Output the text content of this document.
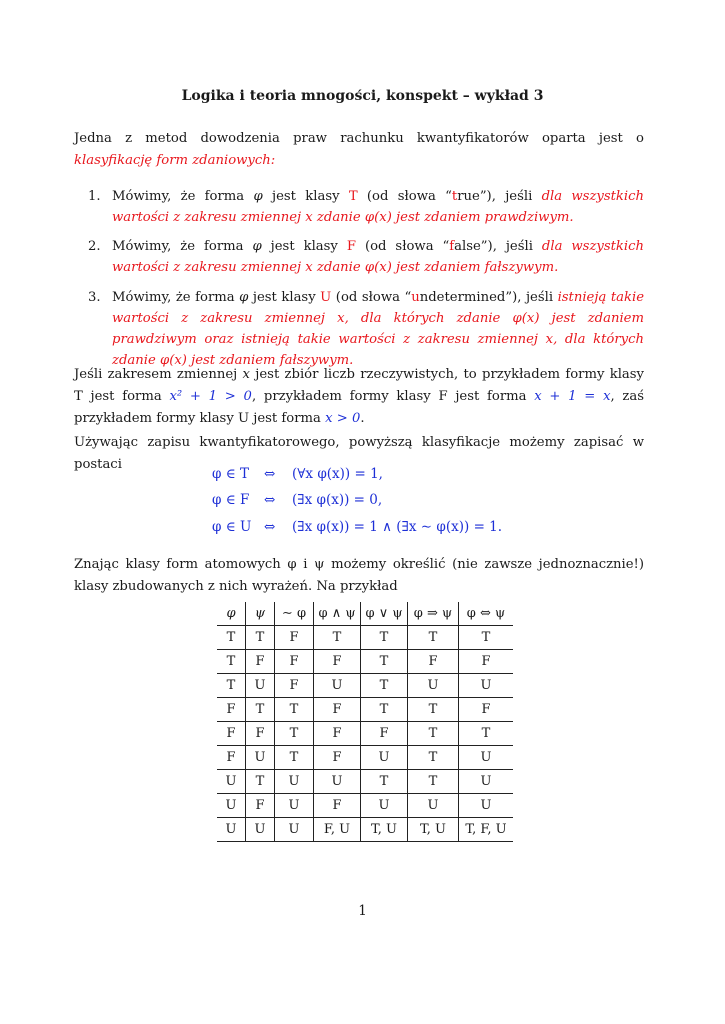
Logika i teoria mnogości, konspekt – wykład 3
Jedna z metod dowodzenia praw rachunku kwantyfikatorów oparta jest o klasyfikację form zdaniowych:
1. Mówimy, że forma φ jest klasy T (od słowa “true”), jeśli dla wszystkich wartości z zakresu zmiennej x zdanie φ(x) jest zdaniem prawdziwym.
2. Mówimy, że forma φ jest klasy F (od słowa “false”), jeśli dla wszystkich wartości z zakresu zmiennej x zdanie φ(x) jest zdaniem fałszywym.
3. Mówimy, że forma φ jest klasy U (od słowa “undetermined”), jeśli istnieją takie wartości z zakresu zmiennej x, dla których zdanie φ(x) jest zdaniem prawdziwym oraz istnieją takie wartości z zakresu zmiennej x, dla których zdanie φ(x) jest zdaniem fałszywym.
Jeśli zakresem zmiennej x jest zbiór liczb rzeczywistych, to przykładem formy klasy T jest forma x² + 1 > 0, przykładem formy klasy F jest forma x + 1 = x, zaś przykładem formy klasy U jest forma x > 0.
Używając zapisu kwantyfikatorowego, powyższą klasyfikacje możemy zapisać w postaci
φ ∈ T ⇔ (∀x φ(x)) = 1,
φ ∈ F ⇔ (∃x φ(x)) = 0,
φ ∈ U ⇔ (∃x φ(x)) = 1 ∧ (∃x ∼ φ(x)) = 1.
Znając klasy form atomowych φ i ψ możemy określić (nie zawsze jednoznacznie!) klasy zbudowanych z nich wyrażeń. Na przykład
φ	ψ	∼ φ	φ ∧ ψ	φ ∨ ψ	φ ⇒ ψ	φ ⇔ ψ
T	T	F	T	T	T	T
T	F	F	F	T	F	F
T	U	F	U	T	U	U
F	T	T	F	T	T	F
F	F	T	F	F	T	T
F	U	T	F	U	T	U
U	T	U	U	T	T	U
U	F	U	F	U	U	U
U	U	U	F, U	T, U	T, U	T, F, U
1
